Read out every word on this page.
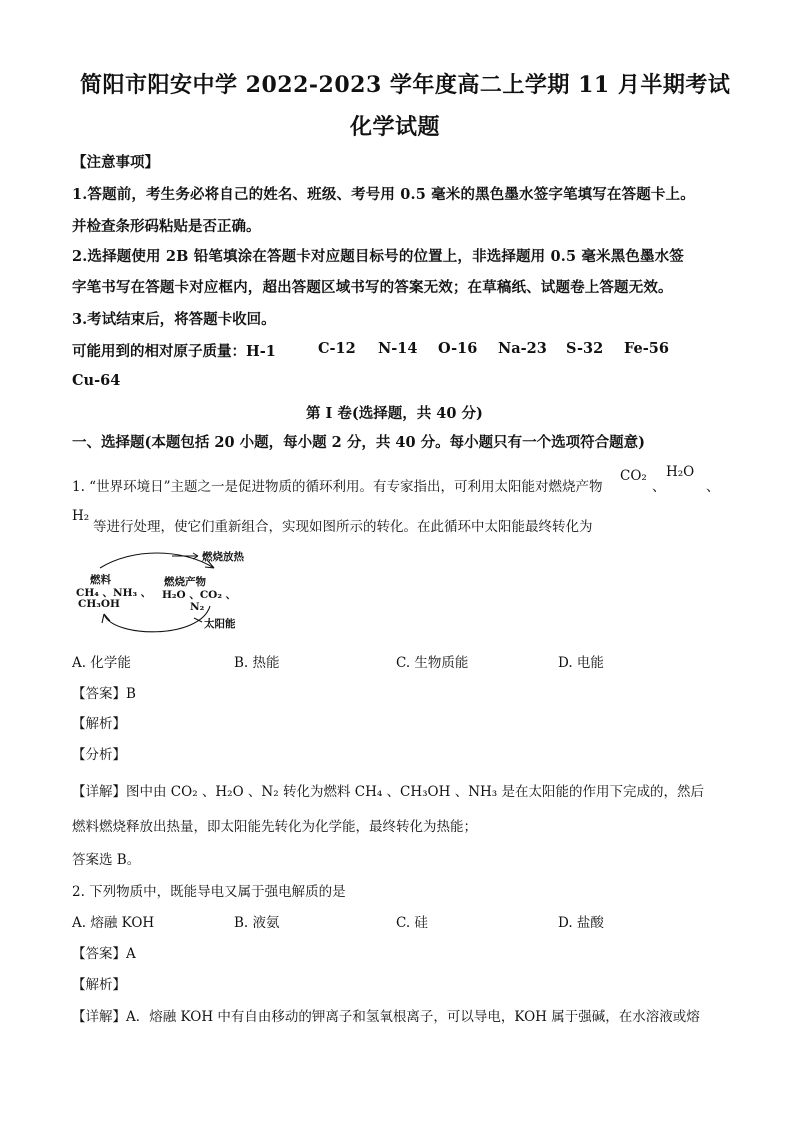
简阳市阳安中学 2022-2023 学年度高二上学期 11 月半期考试
化学试题
【注意事项】
1.答题前，考生务必将自己的姓名、班级、考号用 0.5 毫米的黑色墨水签字笔填写在答题卡上。
并检查条形码粘贴是否正确。
2.选择题使用 2B 铅笔填涂在答题卡对应题目标号的位置上，非选择题用 0.5 毫米黑色墨水签
字笔书写在答题卡对应框内，超出答题区域书写的答案无效；在草稿纸、试题卷上答题无效。
3.考试结束后，将答题卡收回。
可能用到的相对原子质量：H-1	C-12 N-14 O-16 Na-23 S-32 Fe-56
Cu-64
第 I 卷(选择题，共 40 分)
一、选择题(本题包括 20 小题，每小题 2 分，共 40 分。每小题只有一个选项符合题意)
1. “世界环境日”主题之一是促进物质的循环利用。有专家指出，可利用太阳能对燃烧产物
CO₂
、
H₂O
、
H₂
等进行处理，使它们重新组合，实现如图所示的转化。在此循环中太阳能最终转化为
燃烧放热
燃料
CH₄ 、NH₃ 、
CH₃OH
燃烧产物
H₂O 、CO₂ 、
N₂
太阳能
A. 化学能	B. 热能	C. 生物质能	D. 电能
【答案】B
【解析】
【分析】
【详解】图中由 CO₂ 、H₂O 、N₂ 转化为燃料 CH₄ 、CH₃OH 、NH₃ 是在太阳能的作用下完成的，然后
燃料燃烧释放出热量，即太阳能先转化为化学能，最终转化为热能；
答案选 B。
2. 下列物质中，既能导电又属于强电解质的是
A. 熔融 KOH	B. 液氨	C. 硅	D. 盐酸
【答案】A
【解析】
【详解】A．熔融 KOH 中有自由移动的钾离子和氢氧根离子，可以导电，KOH 属于强碱，在水溶液或熔
